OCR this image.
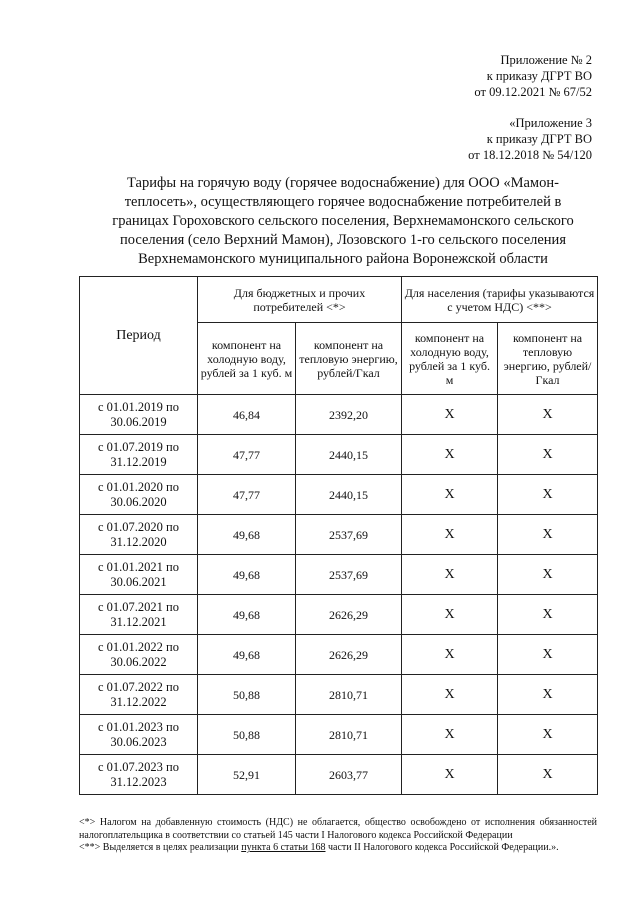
Приложение № 2
к приказу ДГРТ ВО
от 09.12.2021 № 67/52
«Приложение 3
к приказу ДГРТ ВО
от 18.12.2018 № 54/120
Тарифы на горячую воду (горячее водоснабжение) для ООО «Мамон-
теплосеть», осуществляющего горячее водоснабжение потребителей в
границах Гороховского сельского поселения, Верхнемамонского сельского
поселения (село Верхний Мамон), Лозовского 1-го сельского поселения
Верхнемамонского муниципального района Воронежской области
Период	Для бюджетных и прочих потребителей <*>		Для населения (тарифы указываются с учетом НДС) <**>	
	компонент на холодную воду, рублей за 1 куб. м	компонент на тепловую энергию, рублей/Гкал	компонент на холодную воду, рублей за 1 куб. м	компонент на тепловую энергию, рублей/Гкал
с 01.01.2019 по 30.06.2019	46,84	2392,20	X	X
с 01.07.2019 по 31.12.2019	47,77	2440,15	X	X
с 01.01.2020 по 30.06.2020	47,77	2440,15	X	X
с 01.07.2020 по 31.12.2020	49,68	2537,69	X	X
с 01.01.2021 по 30.06.2021	49,68	2537,69	X	X
с 01.07.2021 по 31.12.2021	49,68	2626,29	X	X
с 01.01.2022 по 30.06.2022	49,68	2626,29	X	X
с 01.07.2022 по 31.12.2022	50,88	2810,71	X	X
с 01.01.2023 по 30.06.2023	50,88	2810,71	X	X
с 01.07.2023 по 31.12.2023	52,91	2603,77	X	X

<*> Налогом на добавленную стоимость (НДС) не облагается, общество освобождено от исполнения обязанностей налогоплательщика в соответствии со статьей 145 части I Налогового кодекса Российской Федерации

<**> Выделяется в целях реализации пункта 6 статьи 168 части II Налогового кодекса Российской Федерации.».
